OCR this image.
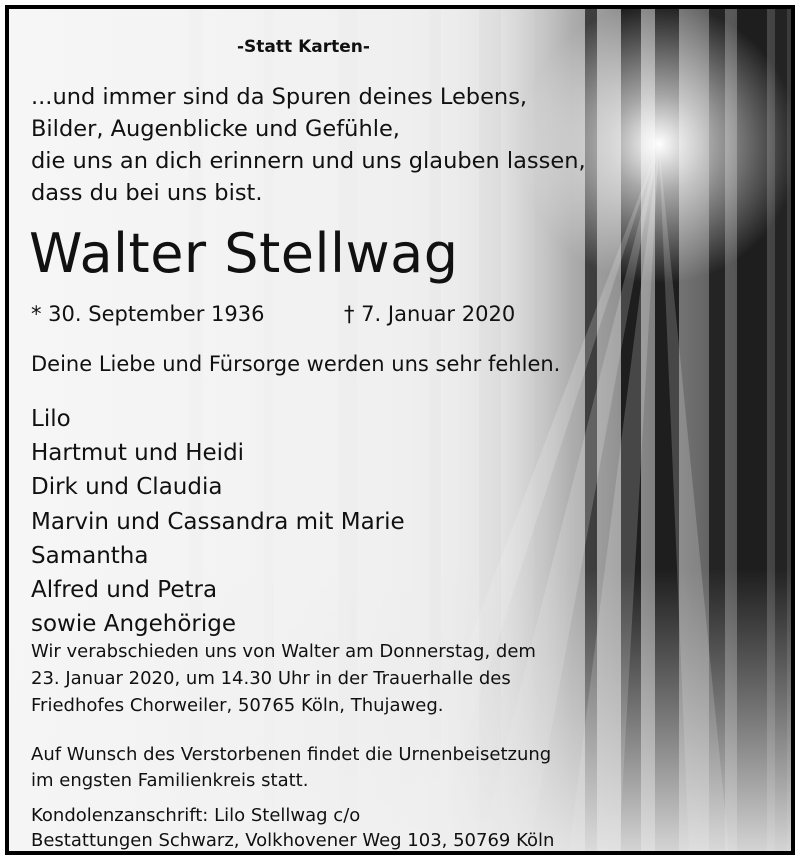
-Statt Karten-
...und immer sind da Spuren deines Lebens,
Bilder, Augenblicke und Gefühle,
die uns an dich erinnern und uns glauben lassen,
dass du bei uns bist.
Walter Stellwag
* 30. September 1936	† 7. Januar 2020
Deine Liebe und Fürsorge werden uns sehr fehlen.
Lilo
Hartmut und Heidi
Dirk und Claudia
Marvin und Cassandra mit Marie
Samantha
Alfred und Petra
sowie Angehörige
Wir verabschieden uns von Walter am Donnerstag, dem
23. Januar 2020, um 14.30 Uhr in der Trauerhalle des
Friedhofes Chorweiler, 50765 Köln, Thujaweg.
Auf Wunsch des Verstorbenen findet die Urnenbeisetzung
im engsten Familienkreis statt.
Kondolenzanschrift: Lilo Stellwag c/o
Bestattungen Schwarz, Volkhovener Weg 103, 50769 Köln
